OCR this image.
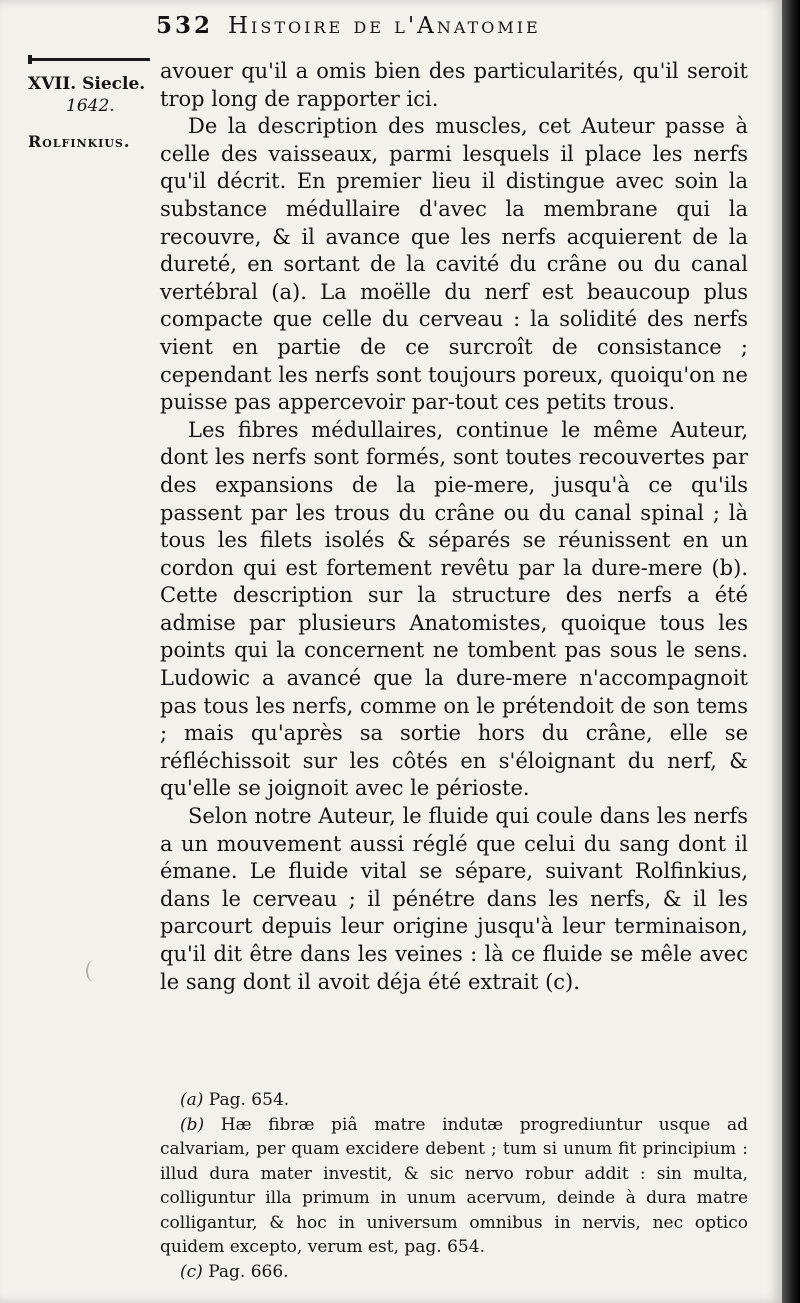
532 Histoire de l'Anatomie
XVII. Siecle.
1642.
Rolfinkius.

avouer qu'il a omis bien des particularités, qu'il seroit trop long de rapporter ici.

De la description des muscles, cet Auteur passe à celle des vaisseaux, parmi lesquels il place les nerfs qu'il décrit. En premier lieu il distingue avec soin la substance médullaire d'avec la membrane qui la recouvre, & il avance que les nerfs acquierent de la dureté, en sortant de la cavité du crâne ou du canal vertébral (a). La moëlle du nerf est beaucoup plus compacte que celle du cerveau : la solidité des nerfs vient en partie de ce surcroît de consistance ; cependant les nerfs sont toujours poreux, quoiqu'on ne puisse pas appercevoir par-tout ces petits trous.

Les fibres médullaires, continue le même Auteur, dont les nerfs sont formés, sont toutes recouvertes par des expansions de la pie-mere, jusqu'à ce qu'ils passent par les trous du crâne ou du canal spinal ; là tous les filets isolés & séparés se réunissent en un cordon qui est fortement revêtu par la dure-mere (b). Cette description sur la structure des nerfs a été admise par plusieurs Anatomistes, quoique tous les points qui la concernent ne tombent pas sous le sens. Ludowic a avancé que la dure-mere n'accompagnoit pas tous les nerfs, comme on le prétendoit de son tems ; mais qu'après sa sortie hors du crâne, elle se réfléchissoit sur les côtés en s'éloignant du nerf, & qu'elle se joignoit avec le périoste.

Selon notre Auteur, le fluide qui coule dans les nerfs a un mouvement aussi réglé que celui du sang dont il émane. Le fluide vital se sépare, suivant Rolfinkius, dans le cerveau ; il pénétre dans les nerfs, & il les parcourt depuis leur origine jusqu'à leur terminaison, qu'il dit être dans les veines : là ce fluide se mêle avec le sang dont il avoit déja été extrait (c).

(a) Pag. 654.

(b) Hæ fibræ piâ matre indutæ progrediuntur usque ad calvariam, per quam excidere debent ; tum si unum fit principium : illud dura mater investit, & sic nervo robur addit : sin multa, colliguntur illa primum in unum acervum, deinde à dura matre colligantur, & hoc in universum omnibus in nervis, nec optico quidem excepto, verum est, pag. 654.

(c) Pag. 666.
